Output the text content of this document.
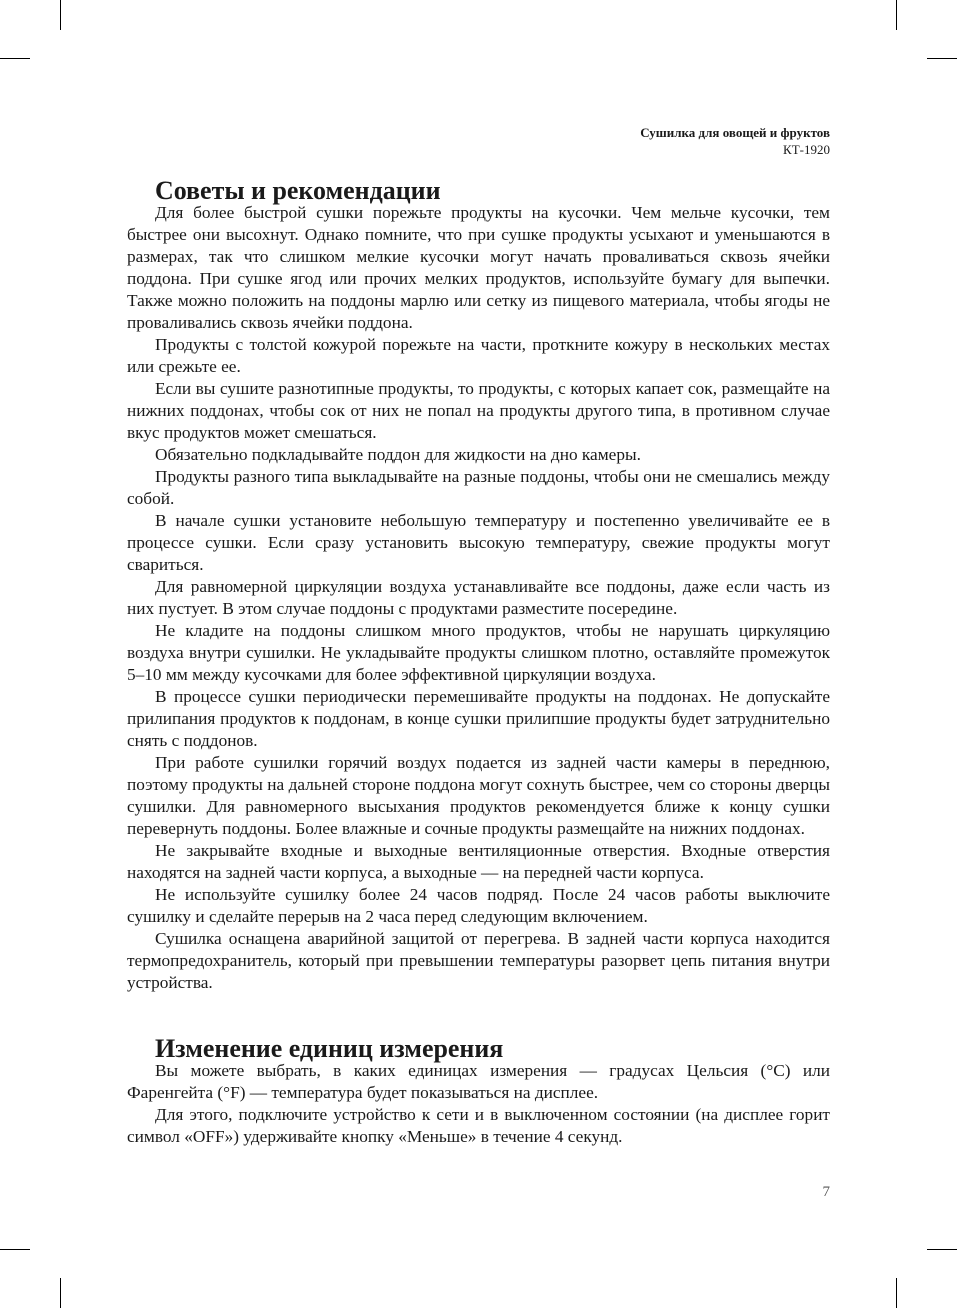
Сушилка для овощей и фруктов
КТ-1920
Советы и рекомендации

Для более быстрой сушки порежьте продукты на кусочки. Чем мельче кусочки, тем быстрее они высохнут. Однако помните, что при сушке продукты усыхают и уменьшаются в размерах, так что слишком мелкие кусочки могут начать проваливаться сквозь ячейки поддона. При сушке ягод или прочих мелких продуктов, используйте бумагу для выпечки. Также можно положить на поддоны марлю или сетку из пищевого материала, чтобы ягоды не проваливались сквозь ячейки поддона.

Продукты с толстой кожурой порежьте на части, проткните кожуру в нескольких местах или срежьте ее.

Если вы сушите разнотипные продукты, то продукты, с которых капает сок, размещайте на нижних поддонах, чтобы сок от них не попал на продукты другого типа, в противном случае вкус продуктов может смешаться.

Обязательно подкладывайте поддон для жидкости на дно камеры.

Продукты разного типа выкладывайте на разные поддоны, чтобы они не смешались между собой.

В начале сушки установите небольшую температуру и постепенно увеличивайте ее в процессе сушки. Если сразу установить высокую температуру, свежие продукты могут свариться.

Для равномерной циркуляции воздуха устанавливайте все поддоны, даже если часть из них пустует. В этом случае поддоны с продуктами разместите посередине.

Не кладите на поддоны слишком много продуктов, чтобы не нарушать циркуляцию воздуха внутри сушилки. Не укладывайте продукты слишком плотно, оставляйте промежуток 5–10 мм между кусочками для более эффективной циркуляции воздуха.

В процессе сушки периодически перемешивайте продукты на поддонах. Не допускайте прилипания продуктов к поддонам, в конце сушки прилипшие продукты будет затруднительно снять с поддонов.

При работе сушилки горячий воздух подается из задней части камеры в переднюю, поэтому продукты на дальней стороне поддона могут сохнуть быстрее, чем со стороны дверцы сушилки. Для равномерного высыхания продуктов рекомендуется ближе к концу сушки перевернуть поддоны. Более влажные и сочные продукты размещайте на нижних поддонах.

Не закрывайте входные и выходные вентиляционные отверстия. Входные отверстия находятся на задней части корпуса, а выходные — на передней части корпуса.

Не используйте сушилку более 24 часов подряд. После 24 часов работы выключите сушилку и сделайте перерыв на 2 часа перед следующим включением.

Сушилка оснащена аварийной защитой от перегрева. В задней части корпуса находится термопредохранитель, который при превышении температуры разорвет цепь питания внутри устройства.

Изменение единиц измерения

Вы можете выбрать, в каких единицах измерения — градусах Цельсия (°С) или Фаренгейта (°F) — температура будет показываться на дисплее.

Для этого, подключите устройство к сети и в выключенном состоянии (на дисплее горит символ «OFF») удерживайте кнопку «Меньше» в течение 4 секунд.

7
